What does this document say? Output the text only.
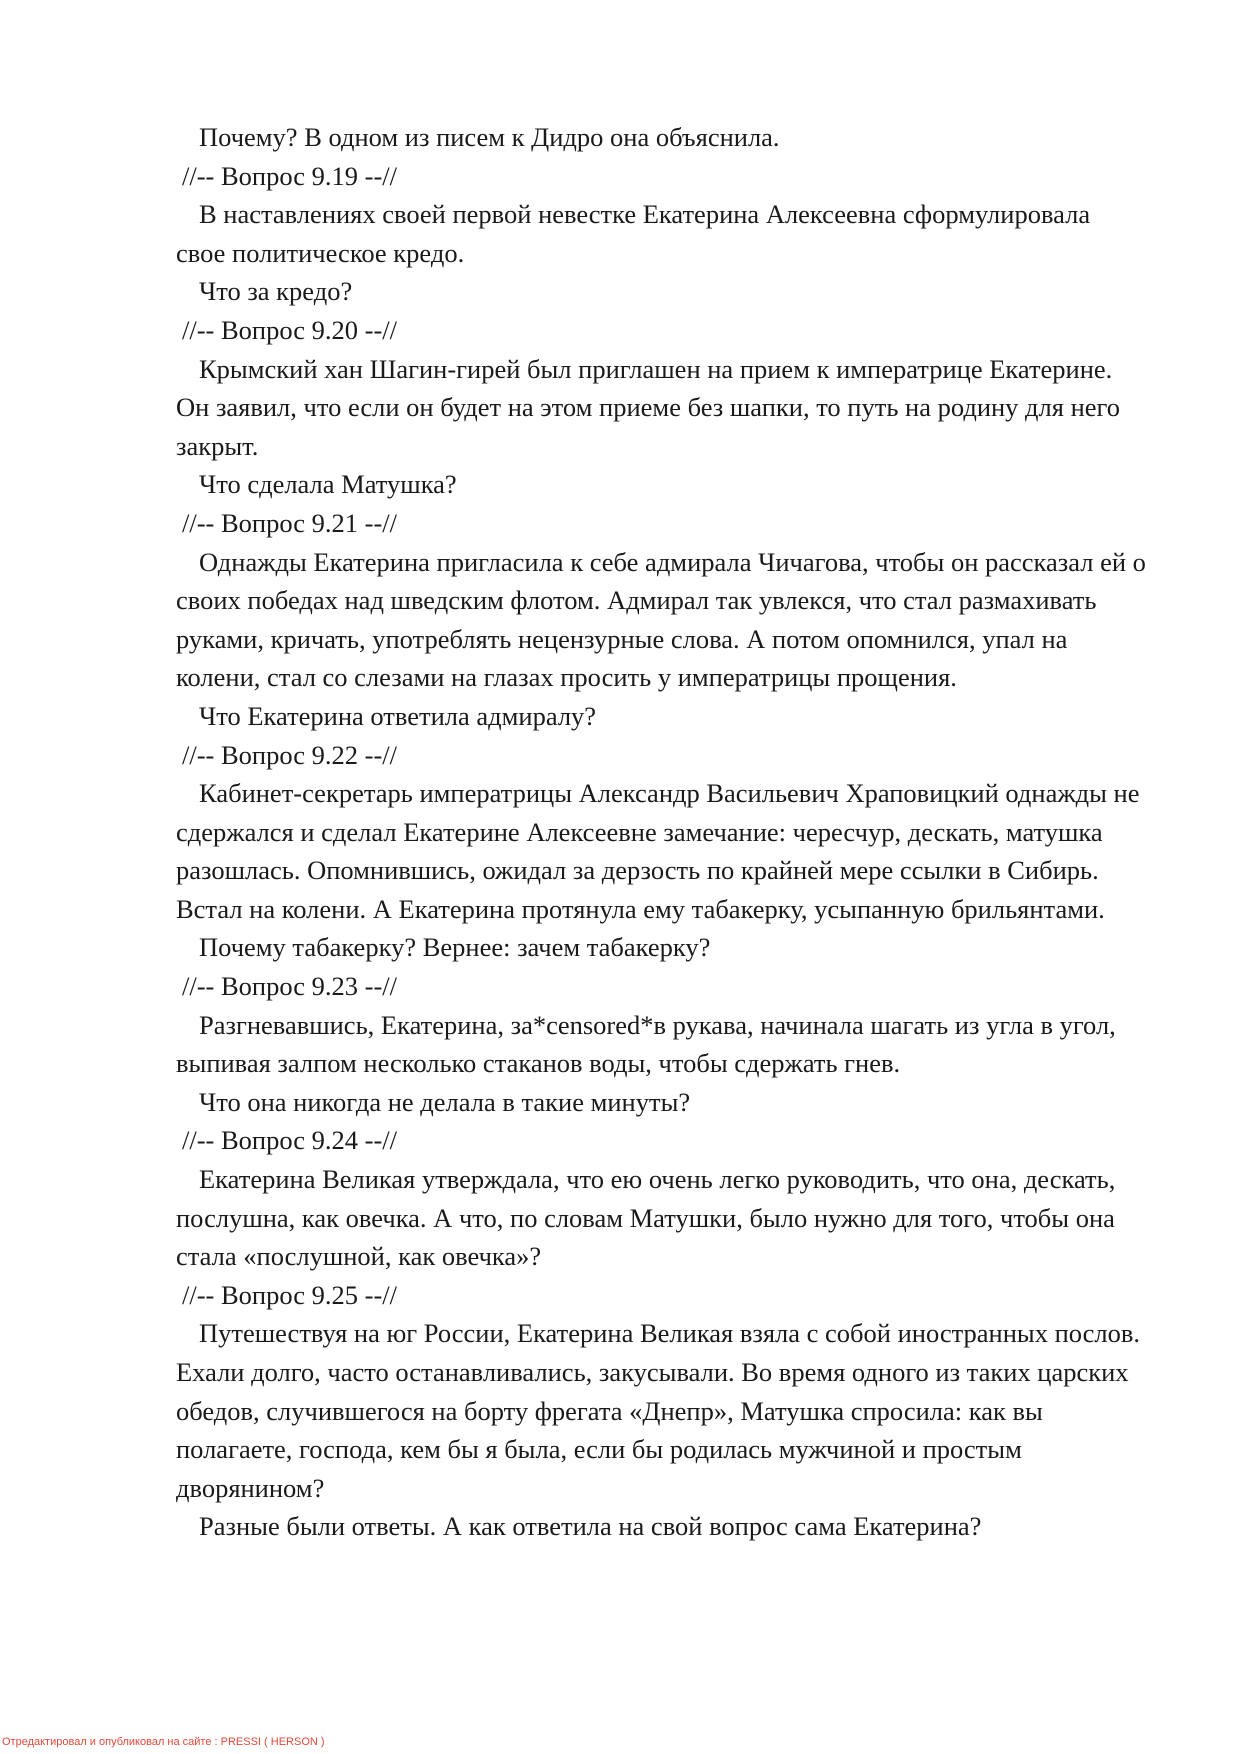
Почему? В одном из писем к Дидро она объяснила.

//-- Вопрос 9.19 --//

В наставлениях своей первой невестке Екатерина Алексеевна сформулировала свое политическое кредо.

Что за кредо?

//-- Вопрос 9.20 --//

Крымский хан Шагин-гирей был приглашен на прием к императрице Екатерине. Он заявил, что если он будет на этом приеме без шапки, то путь на родину для него закрыт.

Что сделала Матушка?

//-- Вопрос 9.21 --//

Однажды Екатерина пригласила к себе адмирала Чичагова, чтобы он рассказал ей о своих победах над шведским флотом. Адмирал так увлекся, что стал размахивать руками, кричать, употреблять нецензурные слова. А потом опомнился, упал на колени, стал со слезами на глазах просить у императрицы прощения.

Что Екатерина ответила адмиралу?

//-- Вопрос 9.22 --//

Кабинет-секретарь императрицы Александр Васильевич Храповицкий однажды не сдержался и сделал Екатерине Алексеевне замечание: чересчур, дескать, матушка разошлась. Опомнившись, ожидал за дерзость по крайней мере ссылки в Сибирь. Встал на колени. А Екатерина протянула ему табакерку, усыпанную брильянтами.

Почему табакерку? Вернее: зачем табакерку?

//-- Вопрос 9.23 --//

Разгневавшись, Екатерина, за*censored*в рукава, начинала шагать из угла в угол, выпивая залпом несколько стаканов воды, чтобы сдержать гнев.

Что она никогда не делала в такие минуты?

//-- Вопрос 9.24 --//

Екатерина Великая утверждала, что ею очень легко руководить, что она, дескать, послушна, как овечка. А что, по словам Матушки, было нужно для того, чтобы она стала «послушной, как овечка»?

//-- Вопрос 9.25 --//

Путешествуя на юг России, Екатерина Великая взяла с собой иностранных послов. Ехали долго, часто останавливались, закусывали. Во время одного из таких царских обедов, случившегося на борту фрегата «Днепр», Матушка спросила: как вы полагаете, господа, кем бы я была, если бы родилась мужчиной и простым дворянином?

Разные были ответы. А как ответила на свой вопрос сама Екатерина?

Отредактировал и опубликовал на сайте : PRESSI ( HERSON )
